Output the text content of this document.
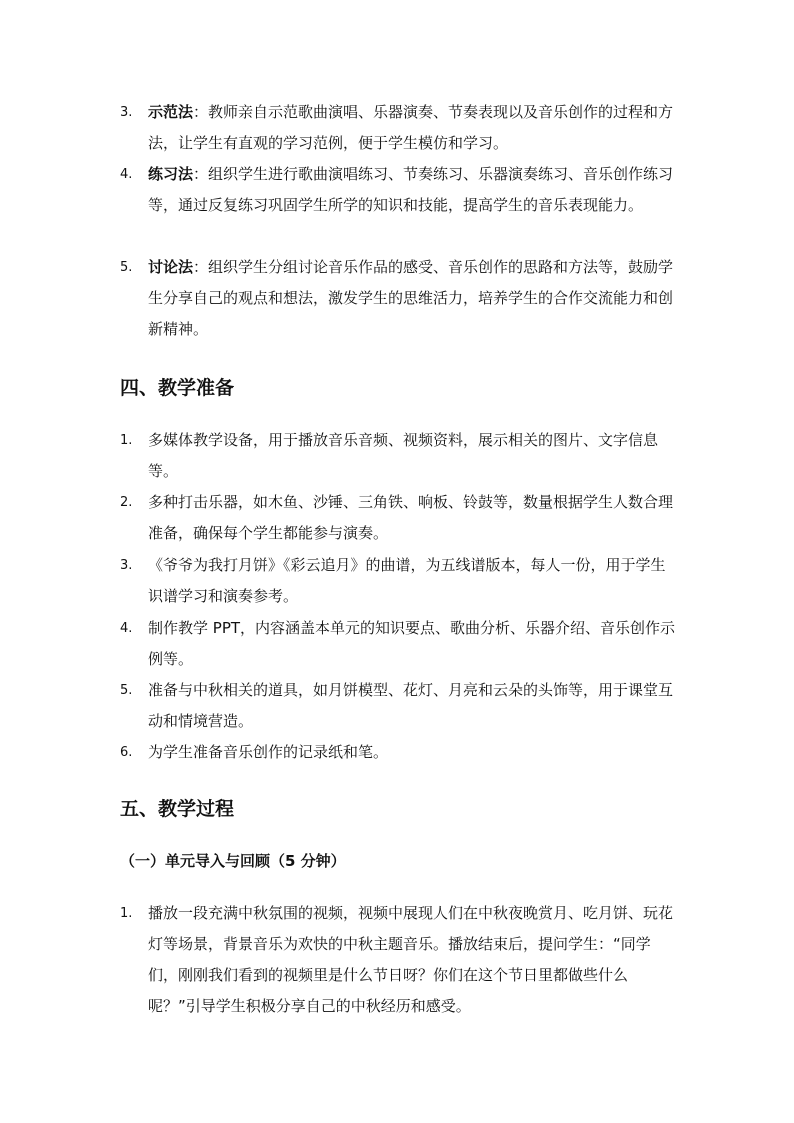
3. 示范法：教师亲自示范歌曲演唱、乐器演奏、节奏表现以及音乐创作的过程和方法，让学生有直观的学习范例，便于学生模仿和学习。
4. 练习法：组织学生进行歌曲演唱练习、节奏练习、乐器演奏练习、音乐创作练习等，通过反复练习巩固学生所学的知识和技能，提高学生的音乐表现能力。
5. 讨论法：组织学生分组讨论音乐作品的感受、音乐创作的思路和方法等，鼓励学生分享自己的观点和想法，激发学生的思维活力，培养学生的合作交流能力和创新精神。
四、教学准备
1. 多媒体教学设备，用于播放音乐音频、视频资料，展示相关的图片、文字信息等。
2. 多种打击乐器，如木鱼、沙锤、三角铁、响板、铃鼓等，数量根据学生人数合理准备，确保每个学生都能参与演奏。
3. 《爷爷为我打月饼》《彩云追月》的曲谱，为五线谱版本，每人一份，用于学生识谱学习和演奏参考。
4. 制作教学 PPT，内容涵盖本单元的知识要点、歌曲分析、乐器介绍、音乐创作示例等。
5. 准备与中秋相关的道具，如月饼模型、花灯、月亮和云朵的头饰等，用于课堂互动和情境营造。
6. 为学生准备音乐创作的记录纸和笔。
五、教学过程
（一）单元导入与回顾（5 分钟）
1. 播放一段充满中秋氛围的视频，视频中展现人们在中秋夜晚赏月、吃月饼、玩花灯等场景，背景音乐为欢快的中秋主题音乐。播放结束后，提问学生：“同学们，刚刚我们看到的视频里是什么节日呀？你们在这个节日里都做些什么呢？”引导学生积极分享自己的中秋经历和感受。
